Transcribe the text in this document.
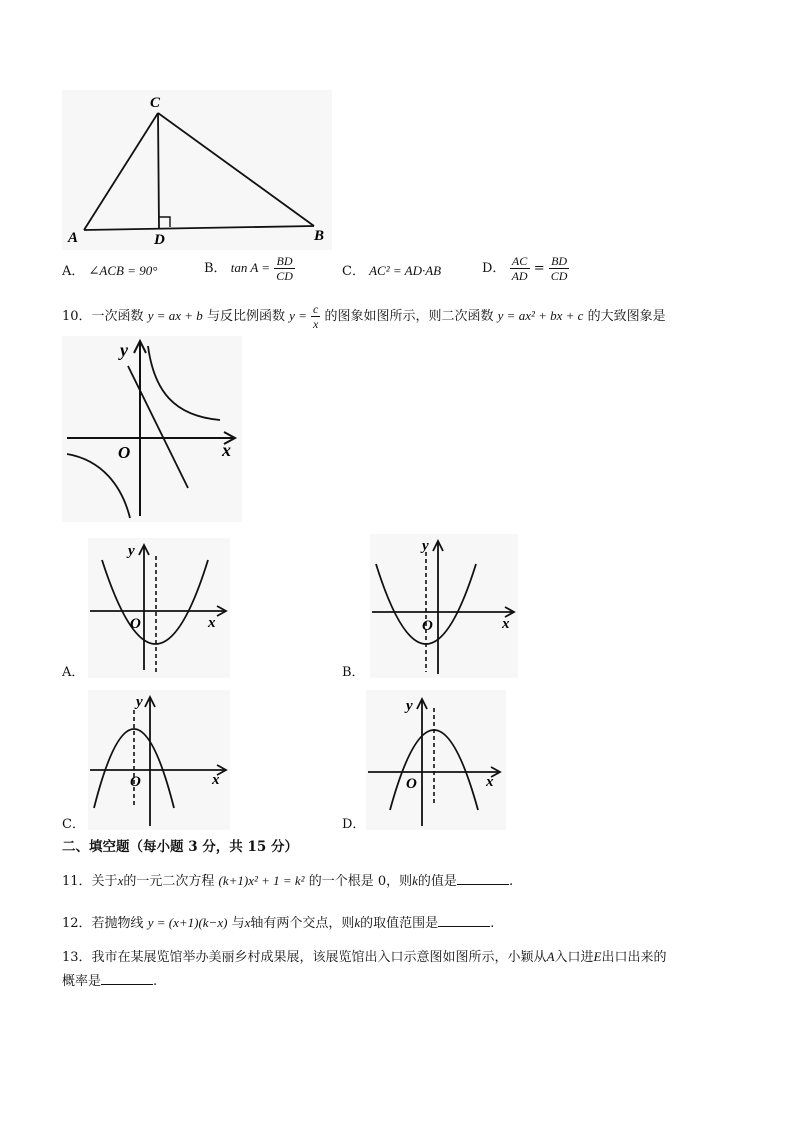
C
A	D	B
A． ∠ACB = 90°	B． $\tan A = \frac{BD}{CD}$	C． AC² = AD·AB	D． $\frac{AC}{AD} = \frac{BD}{CD}$
10．一次函数 y = ax + b 与反比例函数 $y = \frac{c}{x}$ 的图象如图所示，则二次函数 y = ax² + bx + c 的大致图象是
y
x
O
y
x
O
A．
y
x
O
B．
y
x
O
C．
y
x
O
D．
二、填空题（每小题 3 分，共 15 分）
11．关于x的一元二次方程 (k+1)x² + 1 = k² 的一个根是 0，则k的值是	.
12．若抛物线 y = (x+1)(k−x) 与x轴有两个交点，则k的取值范围是	.
13．我市在某展览馆举办美丽乡村成果展，该展览馆出入口示意图如图所示，小颖从A入口进E出口出来的
概率是	.
